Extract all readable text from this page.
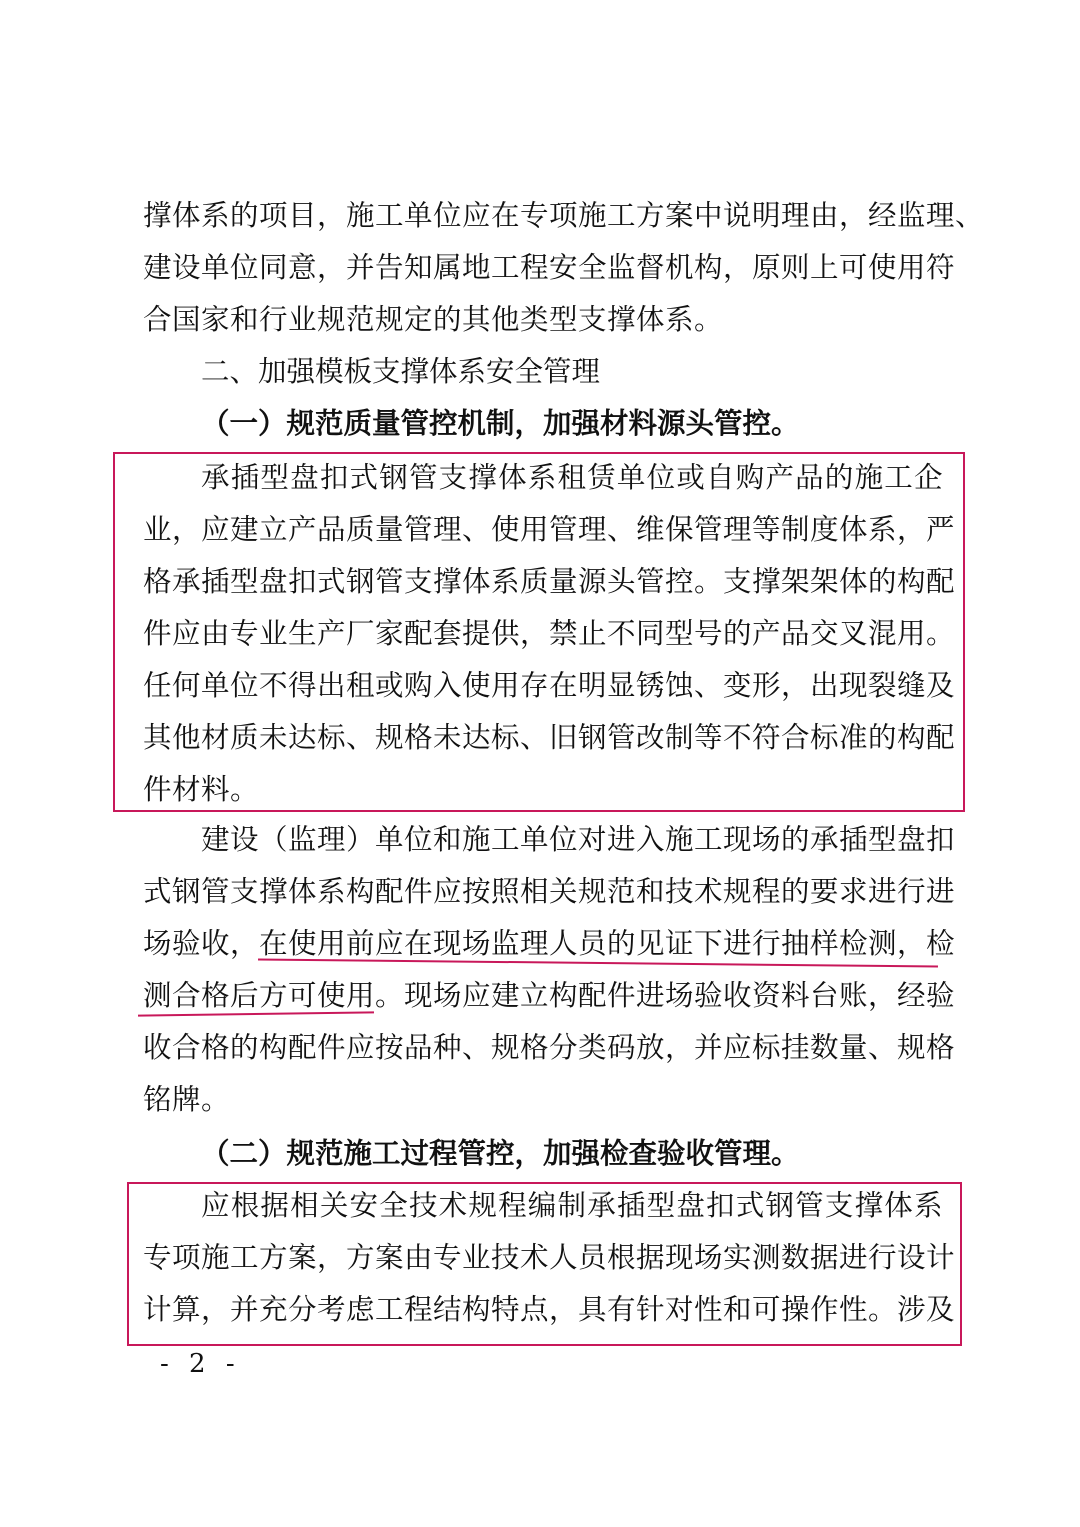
撑体系的项目，施工单位应在专项施工方案中说明理由，经监理、
建设单位同意，并告知属地工程安全监督机构，原则上可使用符
合国家和行业规范规定的其他类型支撑体系。
二、加强模板支撑体系安全管理
（一）规范质量管控机制，加强材料源头管控。
承插型盘扣式钢管支撑体系租赁单位或自购产品的施工企
业，应建立产品质量管理、使用管理、维保管理等制度体系，严
格承插型盘扣式钢管支撑体系质量源头管控。支撑架架体的构配
件应由专业生产厂家配套提供，禁止不同型号的产品交叉混用。
任何单位不得出租或购入使用存在明显锈蚀、变形，出现裂缝及
其他材质未达标、规格未达标、旧钢管改制等不符合标准的构配
件材料。
建设（监理）单位和施工单位对进入施工现场的承插型盘扣
式钢管支撑体系构配件应按照相关规范和技术规程的要求进行进
场验收，在使用前应在现场监理人员的见证下进行抽样检测，检
测合格后方可使用。现场应建立构配件进场验收资料台账，经验
收合格的构配件应按品种、规格分类码放，并应标挂数量、规格
铭牌。
（二）规范施工过程管控，加强检查验收管理。
应根据相关安全技术规程编制承插型盘扣式钢管支撑体系
专项施工方案，方案由专业技术人员根据现场实测数据进行设计
计算，并充分考虑工程结构特点，具有针对性和可操作性。涉及
- 2 -
